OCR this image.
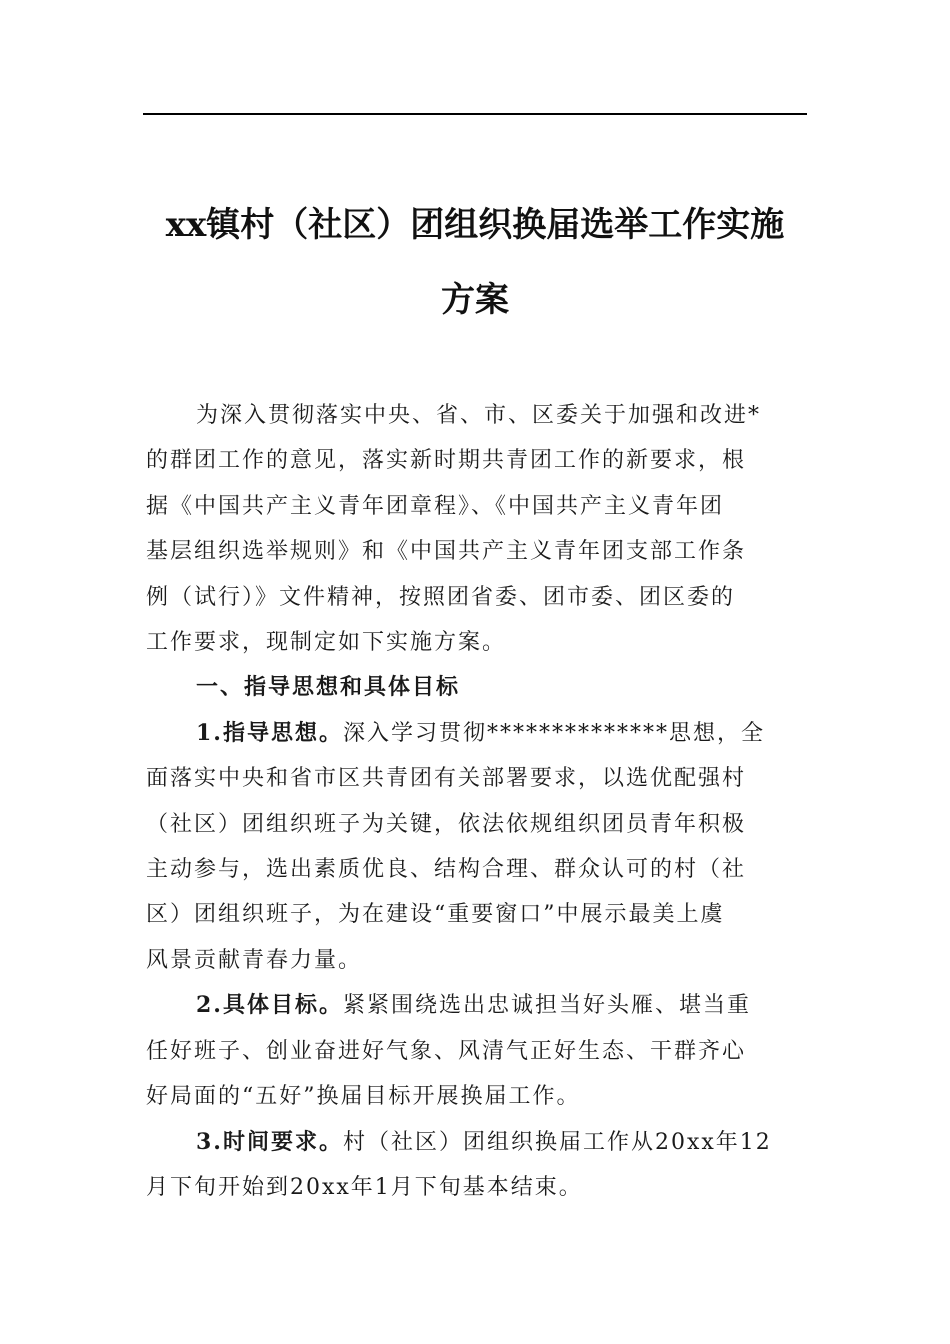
xx镇村（社区）团组织换届选举工作实施
方案

为深入贯彻落实中央、省、市、区委关于加强和改进*
的群团工作的意见，落实新时期共青团工作的新要求，根
据《中国共产主义青年团章程》、《中国共产主义青年团
基层组织选举规则》和《中国共产主义青年团支部工作条
例（试行）》文件精神，按照团省委、团市委、团区委的
工作要求，现制定如下实施方案。

一、指导思想和具体目标

1.指导思想。深入学习贯彻**************思想，全
面落实中央和省市区共青团有关部署要求，以选优配强村
（社区）团组织班子为关键，依法依规组织团员青年积极
主动参与，选出素质优良、结构合理、群众认可的村（社
区）团组织班子，为在建设“重要窗口”中展示最美上虞
风景贡献青春力量。

2.具体目标。紧紧围绕选出忠诚担当好头雁、堪当重
任好班子、创业奋进好气象、风清气正好生态、干群齐心
好局面的“五好”换届目标开展换届工作。

3.时间要求。村（社区）团组织换届工作从20xx年12
月下旬开始到20xx年1月下旬基本结束。
